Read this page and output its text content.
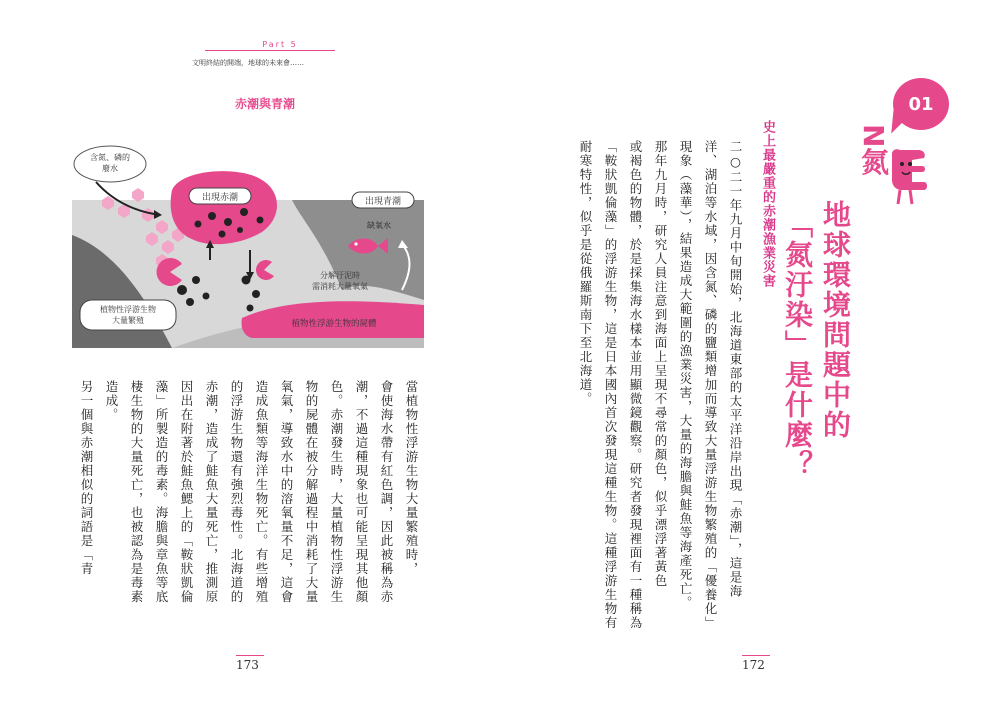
Part 5
文明終結的開端，地球的未來會……
赤潮與青潮
含氮、磷的
廢水
出現赤潮	出現青潮
缺氧水
分解汙泥時
需消耗大量氧氣
植物性浮游生物
大量繁殖	植物性浮游生物的屍體
當植物性浮游生物大量繁殖時，
會使海水帶有紅色調，因此被稱為赤
潮，不過這種現象也可能呈現其他顏
色。赤潮發生時，大量植物性浮游生
物的屍體在被分解過程中消耗了大量
氧氣，導致水中的溶氧量不足，這會
造成魚類等海洋生物死亡。有些增殖
的浮游生物還有強烈毒性。北海道的
赤潮，造成了鮭魚大量死亡，推測原
因出在附著於鮭魚鰓上的「鞍狀凱倫
藻」所製造的毒素。海膽與章魚等底
棲生物的大量死亡，也被認為是毒素
造成。
另一個與赤潮相似的詞語是「青
173
01
N氮
地球環境問題中的
「氮汙染」是什麼？
史上最嚴重的赤潮漁業災害
二○二一年九月中旬開始，北海道東部的太平洋沿岸出現「赤潮」，這是海
洋、湖泊等水域，因含氮、磷的鹽類增加而導致大量浮游生物繁殖的「優養化」
現象（藻華），結果造成大範圍的漁業災害，大量的海膽與鮭魚等海產死亡。
那年九月時，研究人員注意到海面上呈現不尋常的顏色，似乎漂浮著黃色
或褐色的物體，於是採集海水樣本並用顯微鏡觀察。研究者發現裡面有一種稱為
「鞍狀凱倫藻」的浮游生物，這是日本國內首次發現這種生物。這種浮游生物有
耐寒特性，似乎是從俄羅斯南下至北海道。
172
